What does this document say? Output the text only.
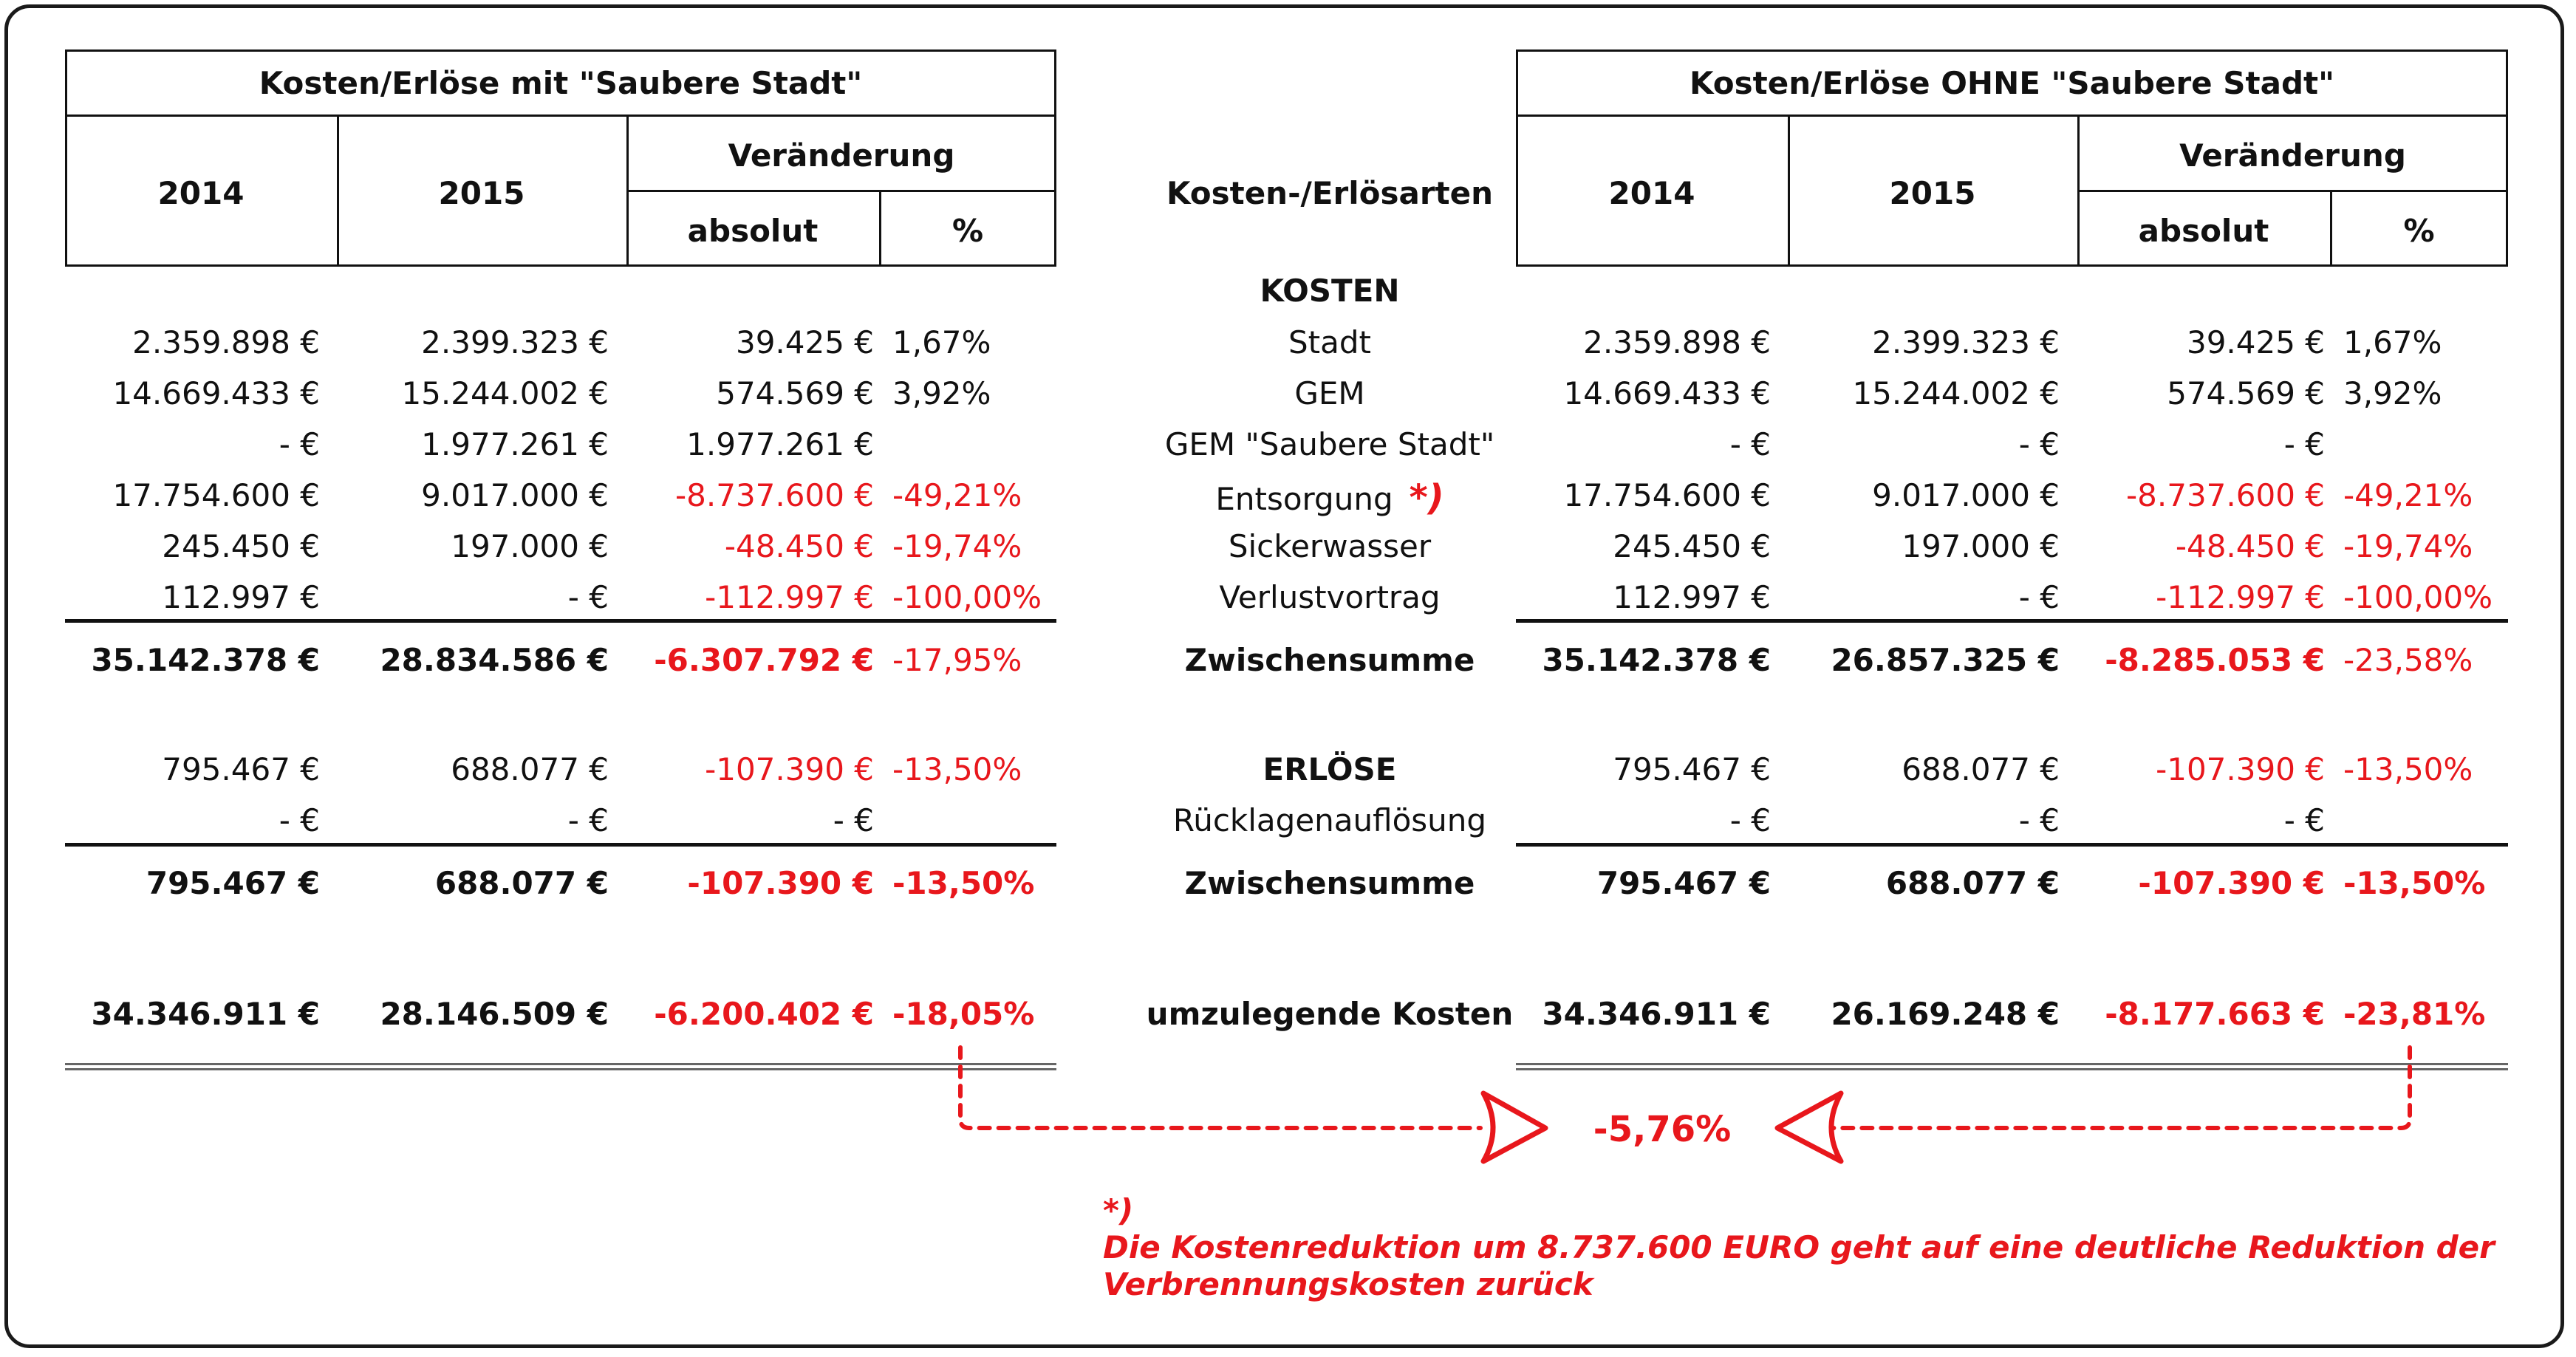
Kosten/Erlöse mit "Saubere Stadt"
2014	2015
Veränderung
absolut	%
Kosten-/Erlösarten
Kosten/Erlöse OHNE "Saubere Stadt"
2014	2015
Veränderung
absolut	%
KOSTEN
Stadt
2.359.898 €	2.399.323 €	39.425 € 1,67%	2.359.898 €	2.399.323 €	39.425 € 1,67%
GEM
14.669.433 €	15.244.002 €	574.569 € 3,92%	14.669.433 €	15.244.002 €	574.569 € 3,92%
GEM "Saubere Stadt"
- €	1.977.261 €	1.977.261 €	- €	- €	- €
Entsorgung *)
17.754.600 €	9.017.000 €	-8.737.600 € -49,21%	17.754.600 €	9.017.000 €	-8.737.600 € -49,21%
Sickerwasser
245.450 €	197.000 €	-48.450 € -19,74%	245.450 €	197.000 €	-48.450 € -19,74%
Verlustvortrag
112.997 €	- €	-112.997 € -100,00%	112.997 €	- €	-112.997 € -100,00%
Zwischensumme
35.142.378 €	28.834.586 €	-6.307.792 € -17,95%	35.142.378 €	26.857.325 €	-8.285.053 € -23,58%
ERLÖSE
795.467 €	688.077 €	-107.390 € -13,50%	795.467 €	688.077 €	-107.390 € -13,50%
Rücklagenauflösung
- €	- €	- €	- €	- €	- €
Zwischensumme
795.467 €	688.077 €	-107.390 € -13,50%	795.467 €	688.077 €	-107.390 € -13,50%
umzulegende Kosten
34.346.911 €	28.146.509 €	-6.200.402 € -18,05%	34.346.911 €	26.169.248 €	-8.177.663 € -23,81%
-5,76%
*)
Die Kostenreduktion um 8.737.600 EURO geht auf eine deutliche Reduktion der
Verbrennungskosten zurück
